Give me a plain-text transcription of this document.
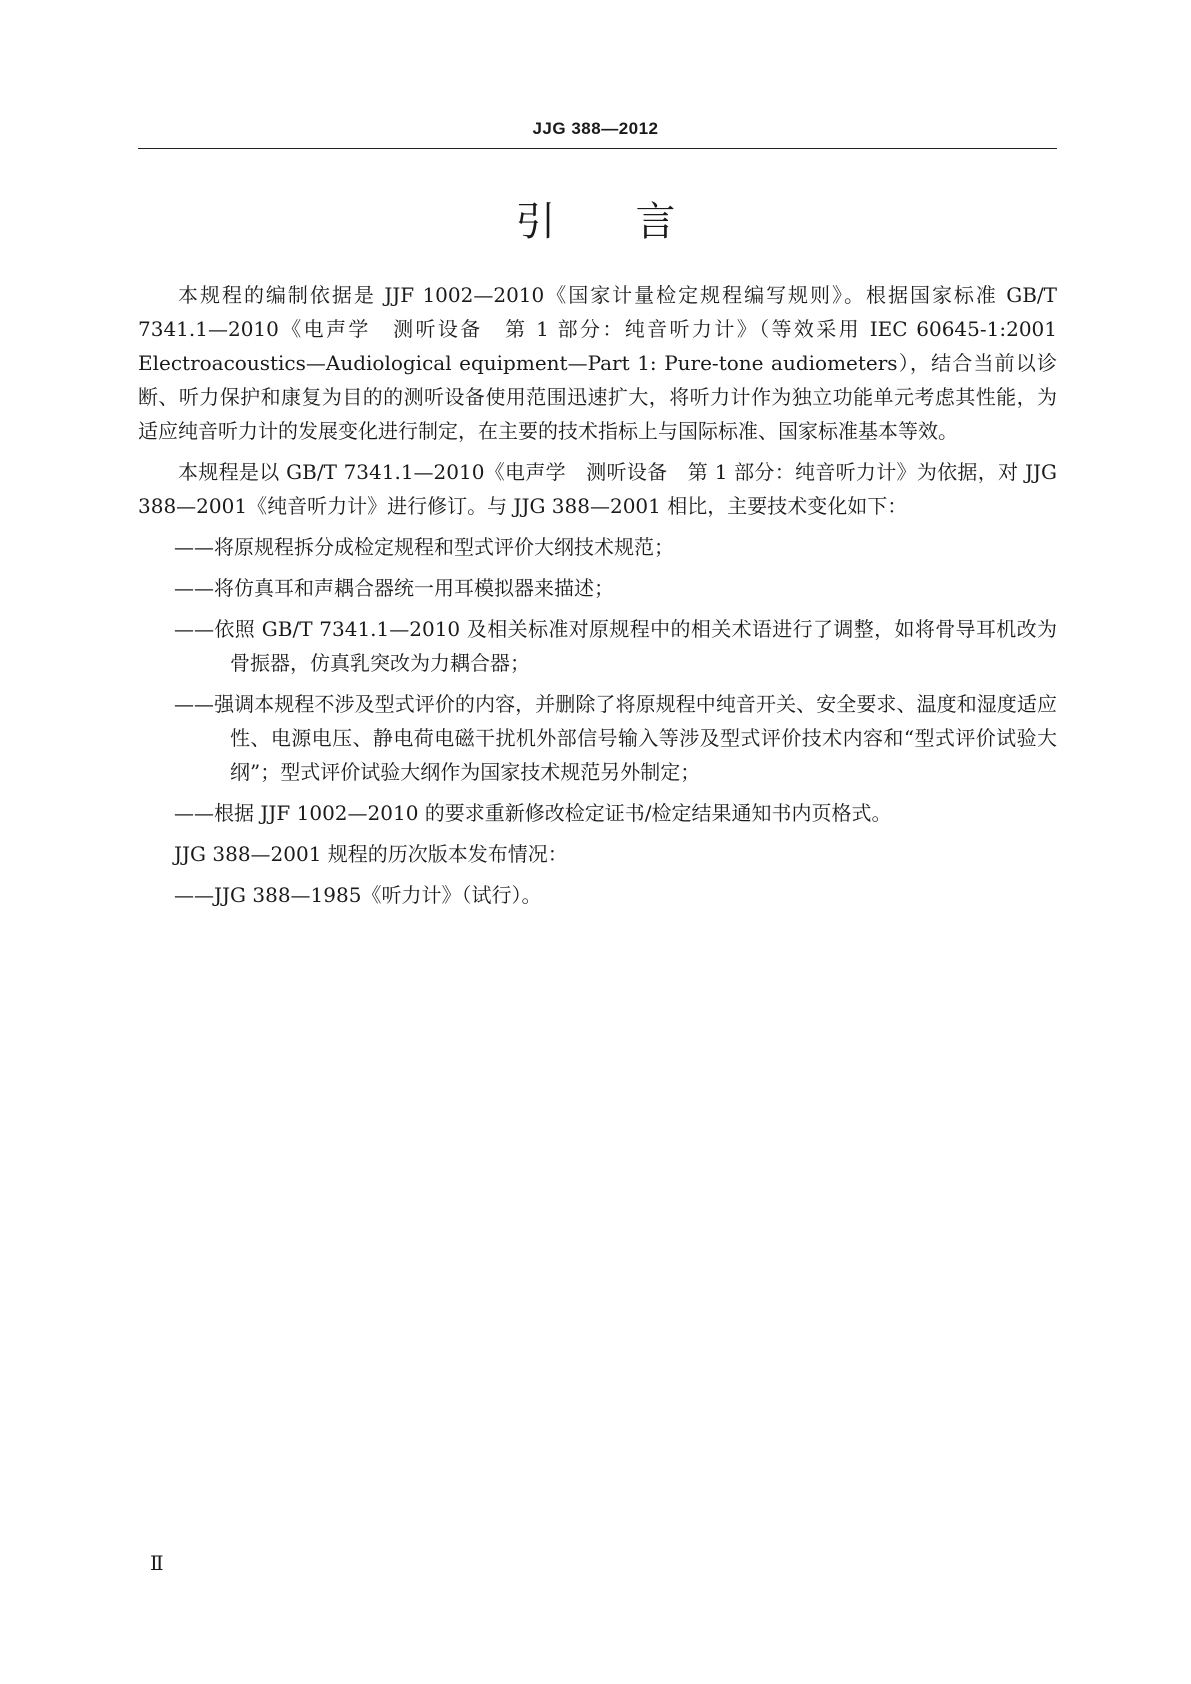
JJG 388—2012
引言

本规程的编制依据是 JJF 1002—2010《国家计量检定规程编写规则》。根据国家标准 GB/T 7341.1—2010《电声学　测听设备　第 1 部分：纯音听力计》（等效采用 IEC 60645-1:2001　Electroacoustics—Audiological equipment—Part 1: Pure-tone audiometers），结合当前以诊断、听力保护和康复为目的的测听设备使用范围迅速扩大，将听力计作为独立功能单元考虑其性能，为适应纯音听力计的发展变化进行制定，在主要的技术指标上与国际标准、国家标准基本等效。

本规程是以 GB/T 7341.1—2010《电声学　测听设备　第 1 部分：纯音听力计》为依据，对 JJG 388—2001《纯音听力计》进行修订。与 JJG 388—2001 相比，主要技术变化如下：

——将原规程拆分成检定规程和型式评价大纲技术规范；

——将仿真耳和声耦合器统一用耳模拟器来描述；

——依照 GB/T 7341.1—2010 及相关标准对原规程中的相关术语进行了调整，如将骨导耳机改为骨振器，仿真乳突改为力耦合器；

——强调本规程不涉及型式评价的内容，并删除了将原规程中纯音开关、安全要求、温度和湿度适应性、电源电压、静电荷电磁干扰机外部信号输入等涉及型式评价技术内容和“型式评价试验大纲”；型式评价试验大纲作为国家技术规范另外制定；

——根据 JJF 1002—2010 的要求重新修改检定证书/检定结果通知书内页格式。

JJG 388—2001 规程的历次版本发布情况：

——JJG 388—1985《听力计》（试行）。

Ⅱ
